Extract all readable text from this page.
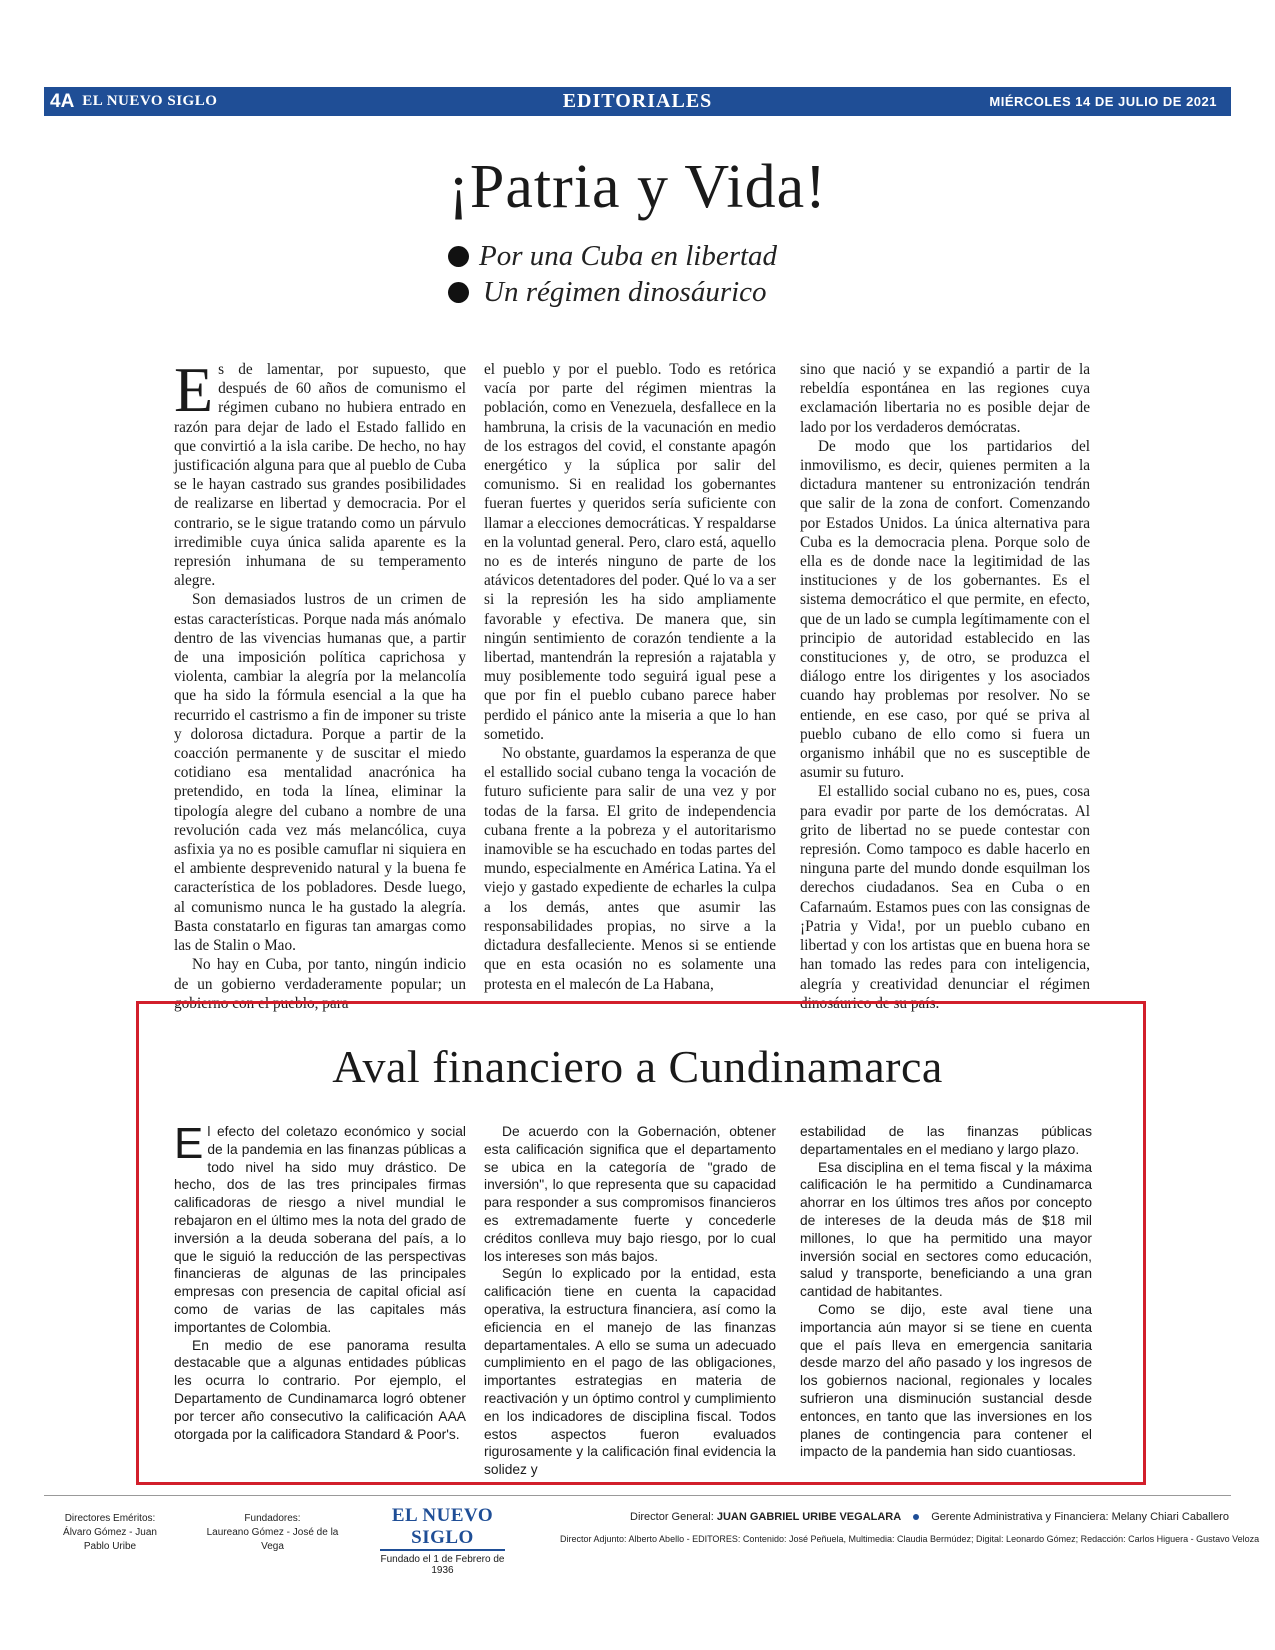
4A EL NUEVO SIGLO	EDITORIALES	MIÉRCOLES 14 DE JULIO DE 2021
¡Patria y Vida!
Por una Cuba en libertad
Un régimen dinosáurico

Es de lamentar, por supuesto, que después de 60 años de comunismo el régimen cubano no hubiera entrado en razón para dejar de lado el Estado fallido en que convirtió a la isla caribe. De hecho, no hay justificación alguna para que al pueblo de Cuba se le hayan castrado sus grandes posibilidades de realizarse en libertad y democracia. Por el contrario, se le sigue tratando como un párvulo irredimible cuya única salida aparente es la represión inhumana de su temperamento alegre.

Son demasiados lustros de un crimen de estas características. Porque nada más anómalo dentro de las vivencias humanas que, a partir de una imposición política caprichosa y violenta, cambiar la alegría por la melancolía que ha sido la fórmula esencial a la que ha recurrido el castrismo a fin de imponer su triste y dolorosa dictadura. Porque a partir de la coacción permanente y de suscitar el miedo cotidiano esa mentalidad anacrónica ha pretendido, en toda la línea, eliminar la tipología alegre del cubano a nombre de una revolución cada vez más melancólica, cuya asfixia ya no es posible camuflar ni siquiera en el ambiente desprevenido natural y la buena fe característica de los pobladores. Desde luego, al comunismo nunca le ha gustado la alegría. Basta constatarlo en figuras tan amargas como las de Stalin o Mao.

No hay en Cuba, por tanto, ningún indicio de un gobierno verdaderamente popular; un gobierno con el pueblo, para

el pueblo y por el pueblo. Todo es retórica vacía por parte del régimen mientras la población, como en Venezuela, desfallece en la hambruna, la crisis de la vacunación en medio de los estragos del covid, el constante apagón energético y la súplica por salir del comunismo. Si en realidad los gobernantes fueran fuertes y queridos sería suficiente con llamar a elecciones democráticas. Y respaldarse en la voluntad general. Pero, claro está, aquello no es de interés ninguno de parte de los atávicos detentadores del poder. Qué lo va a ser si la represión les ha sido ampliamente favorable y efectiva. De manera que, sin ningún sentimiento de corazón tendiente a la libertad, mantendrán la represión a rajatabla y muy posiblemente todo seguirá igual pese a que por fin el pueblo cubano parece haber perdido el pánico ante la miseria a que lo han sometido.

No obstante, guardamos la esperanza de que el estallido social cubano tenga la vocación de futuro suficiente para salir de una vez y por todas de la farsa. El grito de independencia cubana frente a la pobreza y el autoritarismo inamovible se ha escuchado en todas partes del mundo, especialmente en América Latina. Ya el viejo y gastado expediente de echarles la culpa a los demás, antes que asumir las responsabilidades propias, no sirve a la dictadura desfalleciente. Menos si se entiende que en esta ocasión no es solamente una protesta en el malecón de La Habana,

sino que nació y se expandió a partir de la rebeldía espontánea en las regiones cuya exclamación libertaria no es posible dejar de lado por los verdaderos demócratas.

De modo que los partidarios del inmovilismo, es decir, quienes permiten a la dictadura mantener su entronización tendrán que salir de la zona de confort. Comenzando por Estados Unidos. La única alternativa para Cuba es la democracia plena. Porque solo de ella es de donde nace la legitimidad de las instituciones y de los gobernantes. Es el sistema democrático el que permite, en efecto, que de un lado se cumpla legítimamente con el principio de autoridad establecido en las constituciones y, de otro, se produzca el diálogo entre los dirigentes y los asociados cuando hay problemas por resolver. No se entiende, en ese caso, por qué se priva al pueblo cubano de ello como si fuera un organismo inhábil que no es susceptible de asumir su futuro.

El estallido social cubano no es, pues, cosa para evadir por parte de los demócratas. Al grito de libertad no se puede contestar con represión. Como tampoco es dable hacerlo en ninguna parte del mundo donde esquilman los derechos ciudadanos. Sea en Cuba o en Cafarnaúm. Estamos pues con las consignas de ¡Patria y Vida!, por un pueblo cubano en libertad y con los artistas que en buena hora se han tomado las redes para con inteligencia, alegría y creatividad denunciar el régimen dinosáurico de su país.

Aval financiero a Cundinamarca

El efecto del coletazo económico y social de la pandemia en las finanzas públicas a todo nivel ha sido muy drástico. De hecho, dos de las tres principales firmas calificadoras de riesgo a nivel mundial le rebajaron en el último mes la nota del grado de inversión a la deuda soberana del país, a lo que le siguió la reducción de las perspectivas financieras de algunas de las principales empresas con presencia de capital oficial así como de varias de las capitales más importantes de Colombia.

En medio de ese panorama resulta destacable que a algunas entidades públicas les ocurra lo contrario. Por ejemplo, el Departamento de Cundinamarca logró obtener por tercer año consecutivo la calificación AAA otorgada por la calificadora Standard & Poor's.

De acuerdo con la Gobernación, obtener esta calificación significa que el departamento se ubica en la categoría de "grado de inversión", lo que representa que su capacidad para responder a sus compromisos financieros es extremadamente fuerte y concederle créditos conlleva muy bajo riesgo, por lo cual los intereses son más bajos.

Según lo explicado por la entidad, esta calificación tiene en cuenta la capacidad operativa, la estructura financiera, así como la eficiencia en el manejo de las finanzas departamentales. A ello se suma un adecuado cumplimiento en el pago de las obligaciones, importantes estrategias en materia de reactivación y un óptimo control y cumplimiento en los indicadores de disciplina fiscal. Todos estos aspectos fueron evaluados rigurosamente y la calificación final evidencia la solidez y

estabilidad de las finanzas públicas departamentales en el mediano y largo plazo.

Esa disciplina en el tema fiscal y la máxima calificación le ha permitido a Cundinamarca ahorrar en los últimos tres años por concepto de intereses de la deuda más de $18 mil millones, lo que ha permitido una mayor inversión social en sectores como educación, salud y transporte, beneficiando a una gran cantidad de habitantes.

Como se dijo, este aval tiene una importancia aún mayor si se tiene en cuenta que el país lleva en emergencia sanitaria desde marzo del año pasado y los ingresos de los gobiernos nacional, regionales y locales sufrieron una disminución sustancial desde entonces, en tanto que las inversiones en los planes de contingencia para contener el impacto de la pandemia han sido cuantiosas.

Directores Eméritos:
Álvaro Gómez - Juan Pablo Uribe
Fundadores:
Laureano Gómez - José de la Vega
EL NUEVO SIGLO
Fundado el 1 de Febrero de 1936
Director General: JUAN GABRIEL URIBE VEGALARA	Gerente Administrativa y Financiera: Melany Chiari Caballero
Director Adjunto: Alberto Abello - EDITORES: Contenido: José Peñuela, Multimedia: Claudia Bermúdez; Digital: Leonardo Gómez; Redacción: Carlos Higuera - Gustavo Veloza
